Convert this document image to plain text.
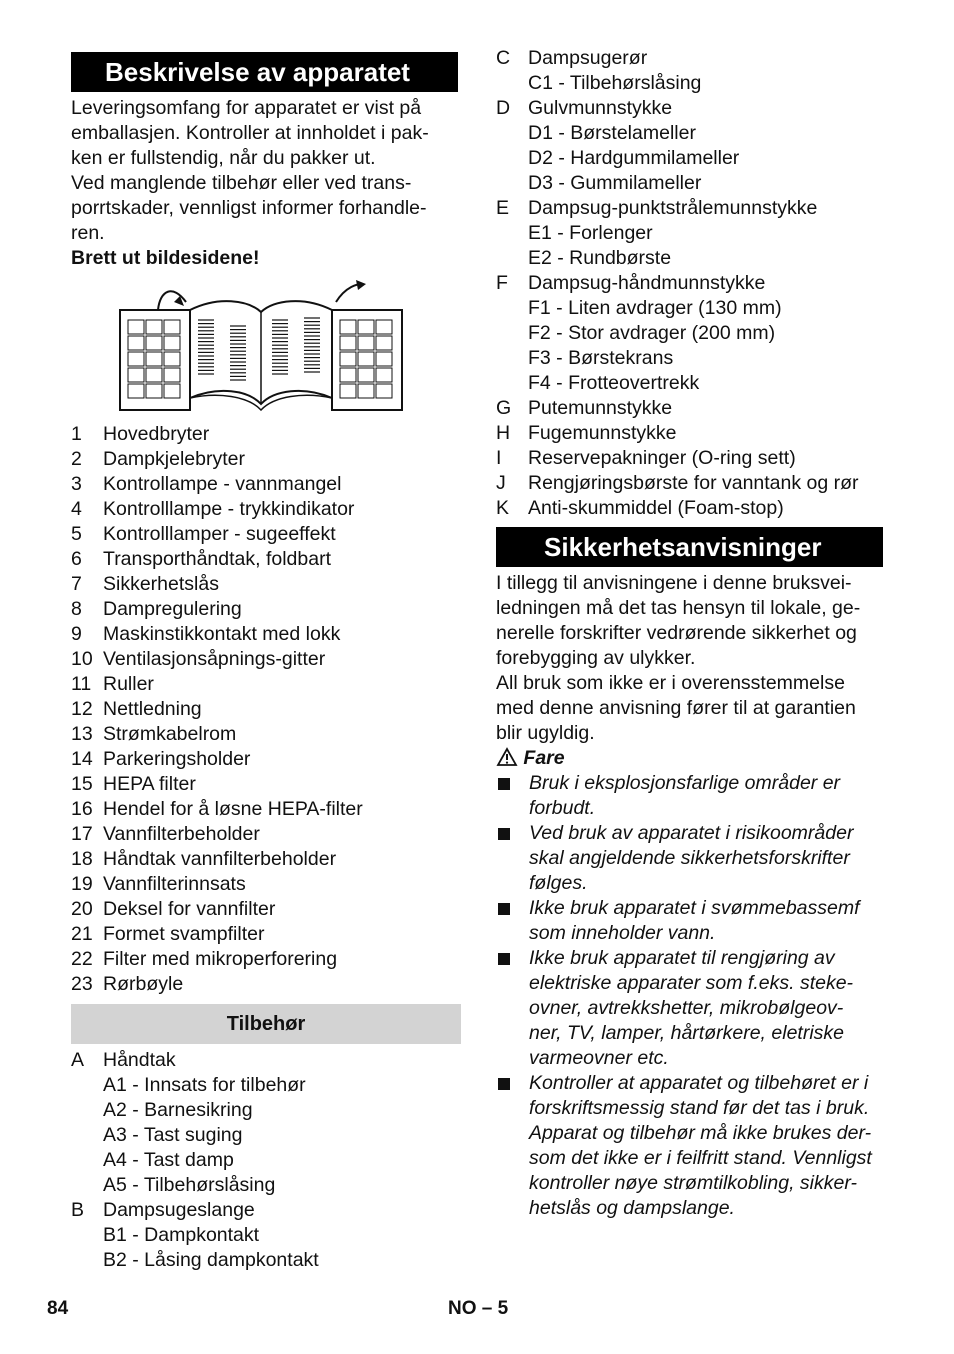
Beskrivelse av apparatet
Leveringsomfang for apparatet er vist på
emballasjen. Kontroller at innholdet i pak-
ken er fullstendig, når du pakker ut.
Ved manglende tilbehør eller ved trans-
porrtskader, vennligst informer forhandle-
ren.
Brett ut bildesidene!
1	Hovedbryter
2	Dampkjelebryter
3	Kontrollampe - vannmangel
4	Kontrolllampe - trykkindikator
5	Kontrolllamper - sugeeffekt
6	Transporthåndtak, foldbart
7	Sikkerhetslås
8	Dampregulering
9	Maskinstikkontakt med lokk
10 Ventilasjonsåpnings-gitter
11 Ruller
12 Nettledning
13 Strømkabelrom
14 Parkeringsholder
15 HEPA filter
16 Hendel for å løsne HEPA-filter
17 Vannfilterbeholder
18 Håndtak vannfilterbeholder
19 Vannfilterinnsats
20 Deksel for vannfilter
21 Formet svampfilter
22 Filter med mikroperforering
23 Rørbøyle
Tilbehør
A Håndtak
A1 - Innsats for tilbehør
A2 - Barnesikring
A3 - Tast suging
A4 - Tast damp
A5 - Tilbehørslåsing
B Dampsugeslange
B1 - Dampkontakt
B2 - Låsing dampkontakt
C Dampsugerør
C1 - Tilbehørslåsing
D Gulvmunnstykke
D1 - Børstelameller
D2 - Hardgummilameller
D3 - Gummilameller
E Dampsug-punktstrålemunnstykke
E1 - Forlenger
E2 - Rundbørste
F	Dampsug-håndmunnstykke
F1 - Liten avdrager (130 mm)
F2 - Stor avdrager (200 mm)
F3 - Børstekrans
F4 - Frotteovertrekk
G Putemunnstykke
H Fugemunnstykke
I	Reservepakninger (O-ring sett)
J	Rengjøringsbørste for vanntank og rør
K Anti-skummiddel (Foam-stop)
Sikkerhetsanvisninger
I tillegg til anvisningene i denne bruksvei-
ledningen må det tas hensyn til lokale, ge-
nerelle forskrifter vedrørende sikkerhet og
forebygging av ulykker.
All bruk som ikke er i overensstemmelse
med denne anvisning fører til at garantien
blir ugyldig.
Fare
Bruk i eksplosjonsfarlige områder er
forbudt.
Ved bruk av apparatet i risikoområder
skal angjeldende sikkerhetsforskrifter
følges.
Ikke bruk apparatet i svømmebassemf
som inneholder vann.
Ikke bruk apparatet til rengjøring av
elektriske apparater som f.eks. steke-
ovner, avtrekkshetter, mikrobølgeov-
ner, TV, lamper, hårtørkere, eletriske
varmeovner etc.
Kontroller at apparatet og tilbehøret er i
forskriftsmessig stand før det tas i bruk.
Apparat og tilbehør må ikke brukes der-
som det ikke er i feilfritt stand. Vennligst
kontroller nøye strømtilkobling, sikker-
hetslås og dampslange.
84	NO – 5
